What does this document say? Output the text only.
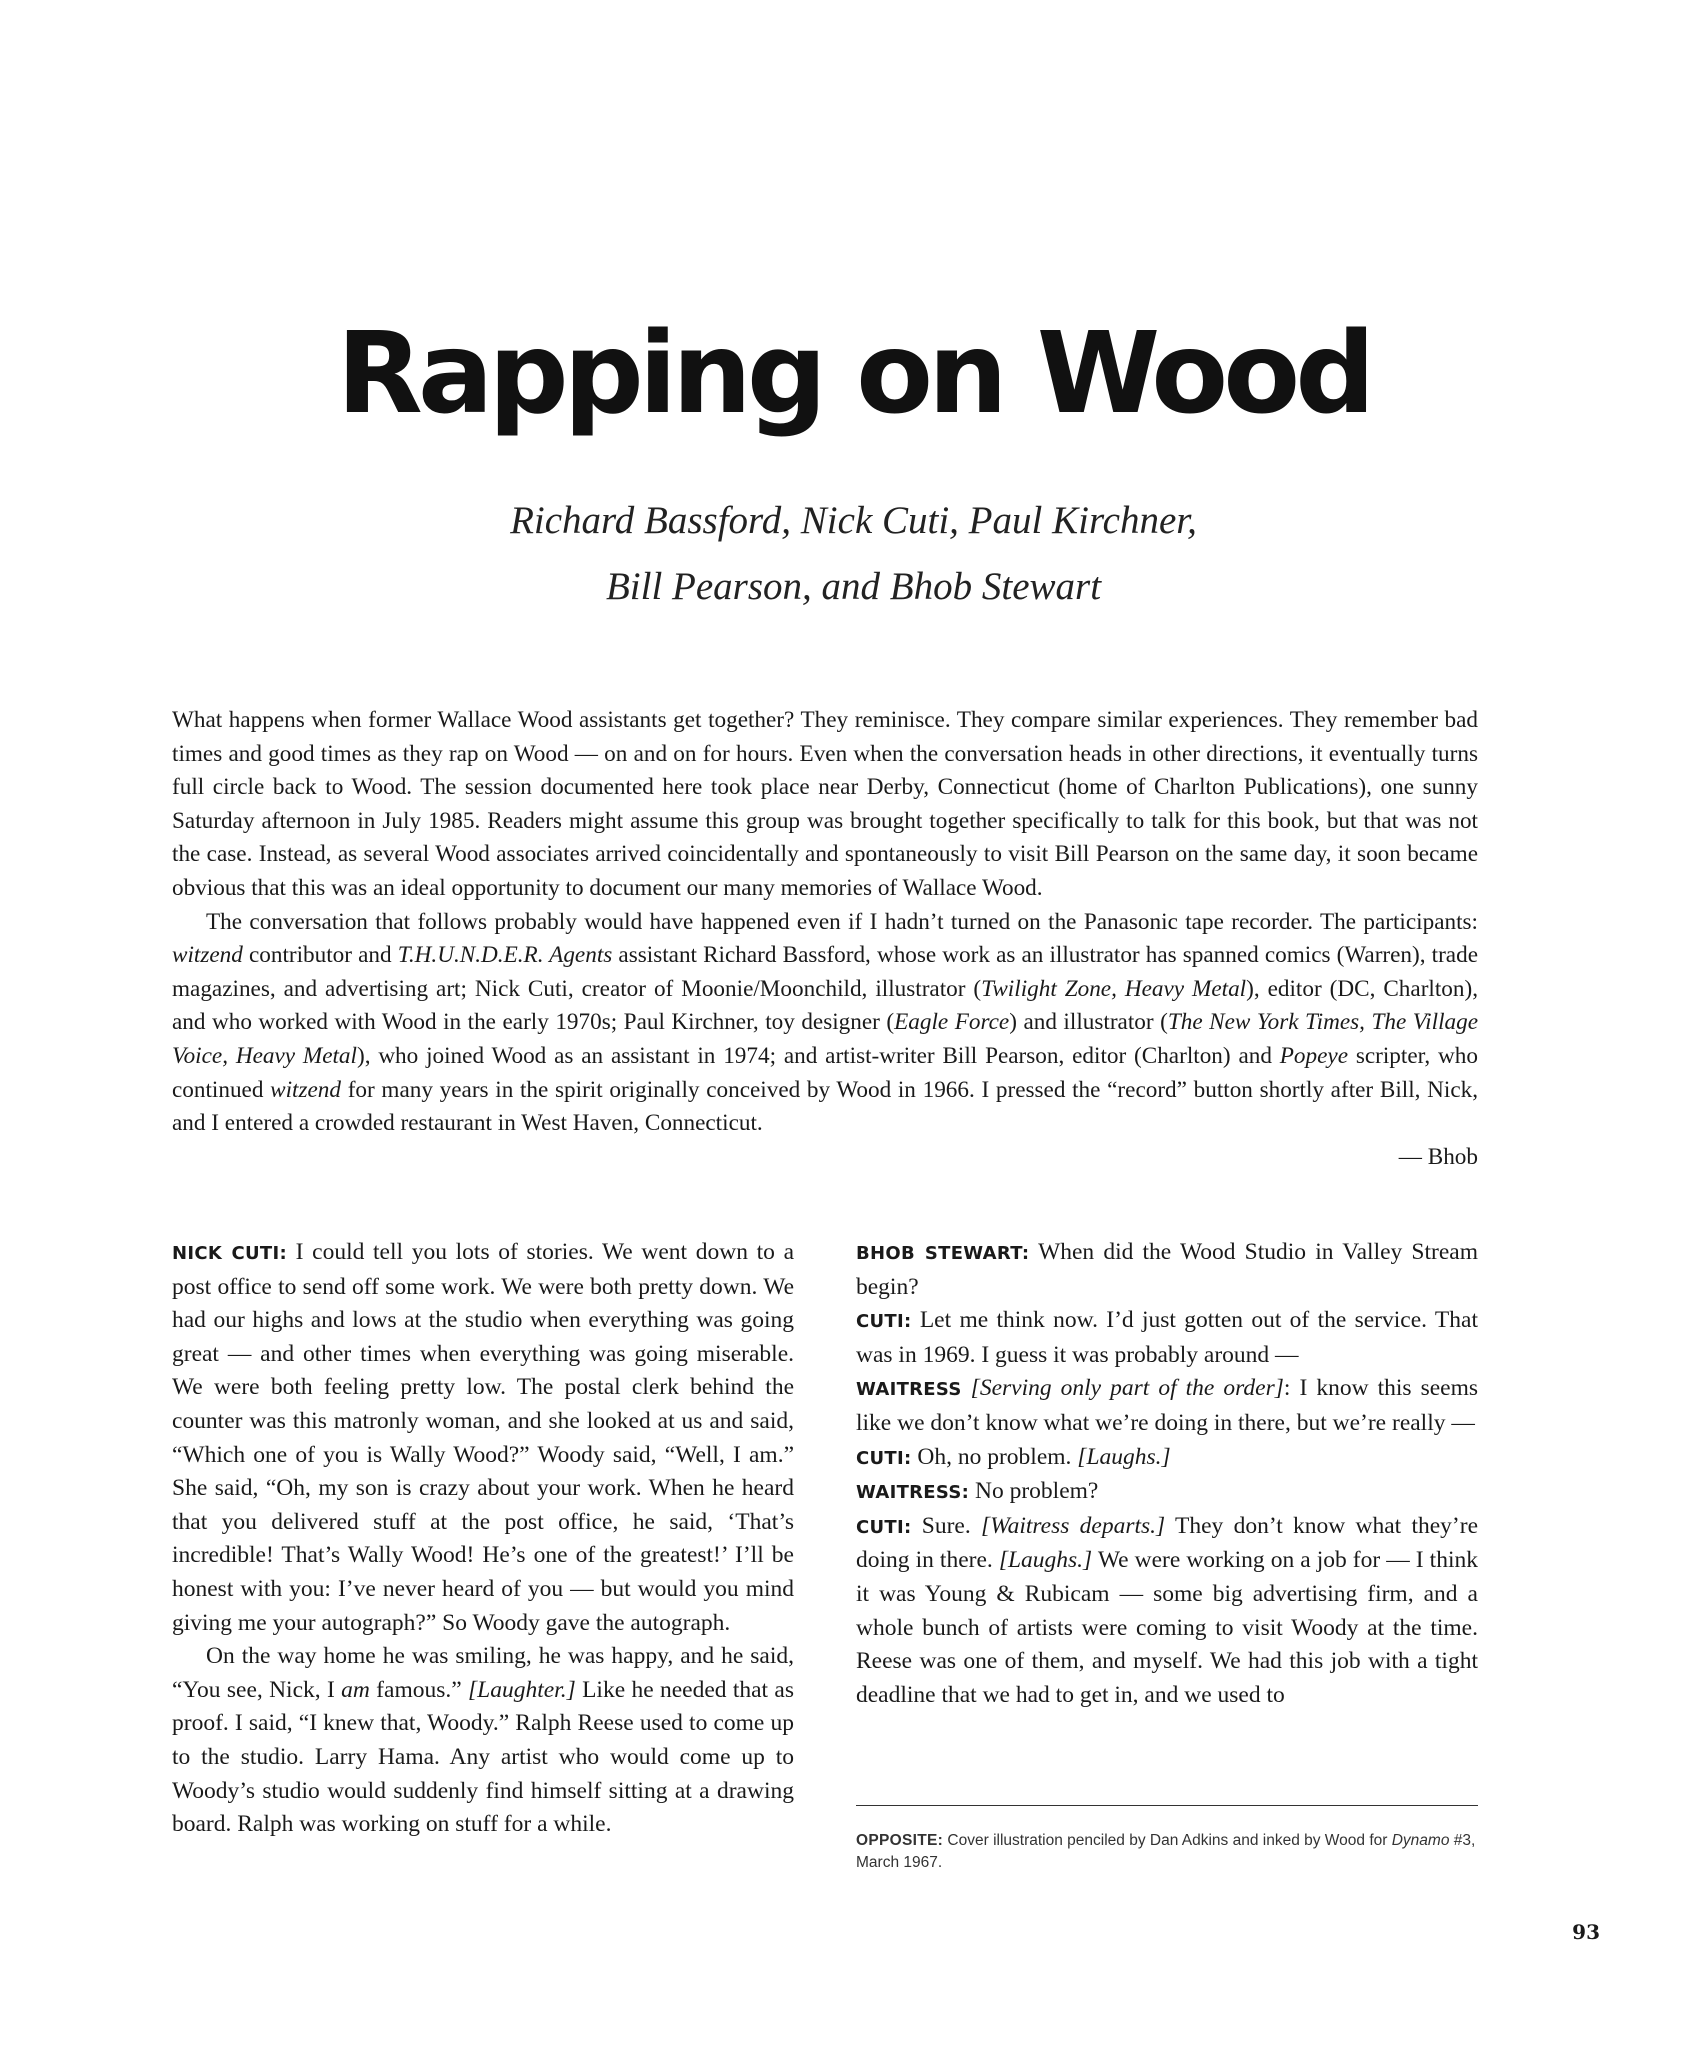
Rapping on Wood
Richard Bassford, Nick Cuti, Paul Kirchner,
Bill Pearson, and Bhob Stewart

What happens when former Wallace Wood assistants get together? They reminisce. They compare similar experiences. They remember bad times and good times as they rap on Wood — on and on for hours. Even when the conversation heads in other directions, it eventually turns full circle back to Wood. The session documented here took place near Derby, Connecticut (home of Charlton Publications), one sunny Saturday afternoon in July 1985. Readers might assume this group was brought together specifically to talk for this book, but that was not the case. Instead, as several Wood associates arrived coincidentally and spontaneously to visit Bill Pearson on the same day, it soon became obvious that this was an ideal opportunity to document our many memories of Wallace Wood.

The conversation that follows probably would have happened even if I hadn’t turned on the Panasonic tape recorder. The participants: witzend contributor and T.H.U.N.D.E.R. Agents assistant Richard Bassford, whose work as an illustrator has spanned comics (Warren), trade magazines, and advertising art; Nick Cuti, creator of Moonie/Moonchild, illustrator (Twilight Zone, Heavy Metal), editor (DC, Charlton), and who worked with Wood in the early 1970s; Paul Kirchner, toy designer (Eagle Force) and illustrator (The New York Times, The Village Voice, Heavy Metal), who joined Wood as an assistant in 1974; and artist-writer Bill Pearson, editor (Charlton) and Popeye scripter, who continued witzend for many years in the spirit originally conceived by Wood in 1966. I pressed the “record” button shortly after Bill, Nick, and I entered a crowded restaurant in West Haven, Connecticut.

— Bhob

NICK CUTI: I could tell you lots of stories. We went down to a post office to send off some work. We were both pretty down. We had our highs and lows at the studio when everything was going great — and other times when everything was going miserable. We were both feeling pretty low. The postal clerk behind the counter was this matronly woman, and she looked at us and said, “Which one of you is Wally Wood?” Woody said, “Well, I am.” She said, “Oh, my son is crazy about your work. When he heard that you delivered stuff at the post office, he said, ‘That’s incredible! That’s Wally Wood! He’s one of the greatest!’ I’ll be honest with you: I’ve never heard of you — but would you mind giving me your autograph?” So Woody gave the autograph.

On the way home he was smiling, he was happy, and he said, “You see, Nick, I am famous.” [Laughter.] Like he needed that as proof. I said, “I knew that, Woody.” Ralph Reese used to come up to the studio. Larry Hama. Any artist who would come up to Woody’s studio would suddenly find himself sitting at a drawing board. Ralph was working on stuff for a while.

BHOB STEWART: When did the Wood Studio in Valley Stream begin?

CUTI: Let me think now. I’d just gotten out of the service. That was in 1969. I guess it was probably around —

WAITRESS [Serving only part of the order]: I know this seems like we don’t know what we’re doing in there, but we’re really —

CUTI: Oh, no problem. [Laughs.]

WAITRESS: No problem?

CUTI: Sure. [Waitress departs.] They don’t know what they’re doing in there. [Laughs.] We were working on a job for — I think it was Young & Rubicam — some big advertising firm, and a whole bunch of artists were coming to visit Woody at the time. Reese was one of them, and myself. We had this job with a tight deadline that we had to get in, and we used to

OPPOSITE: Cover illustration penciled by Dan Adkins and inked by Wood for Dynamo #3, March 1967.
93
